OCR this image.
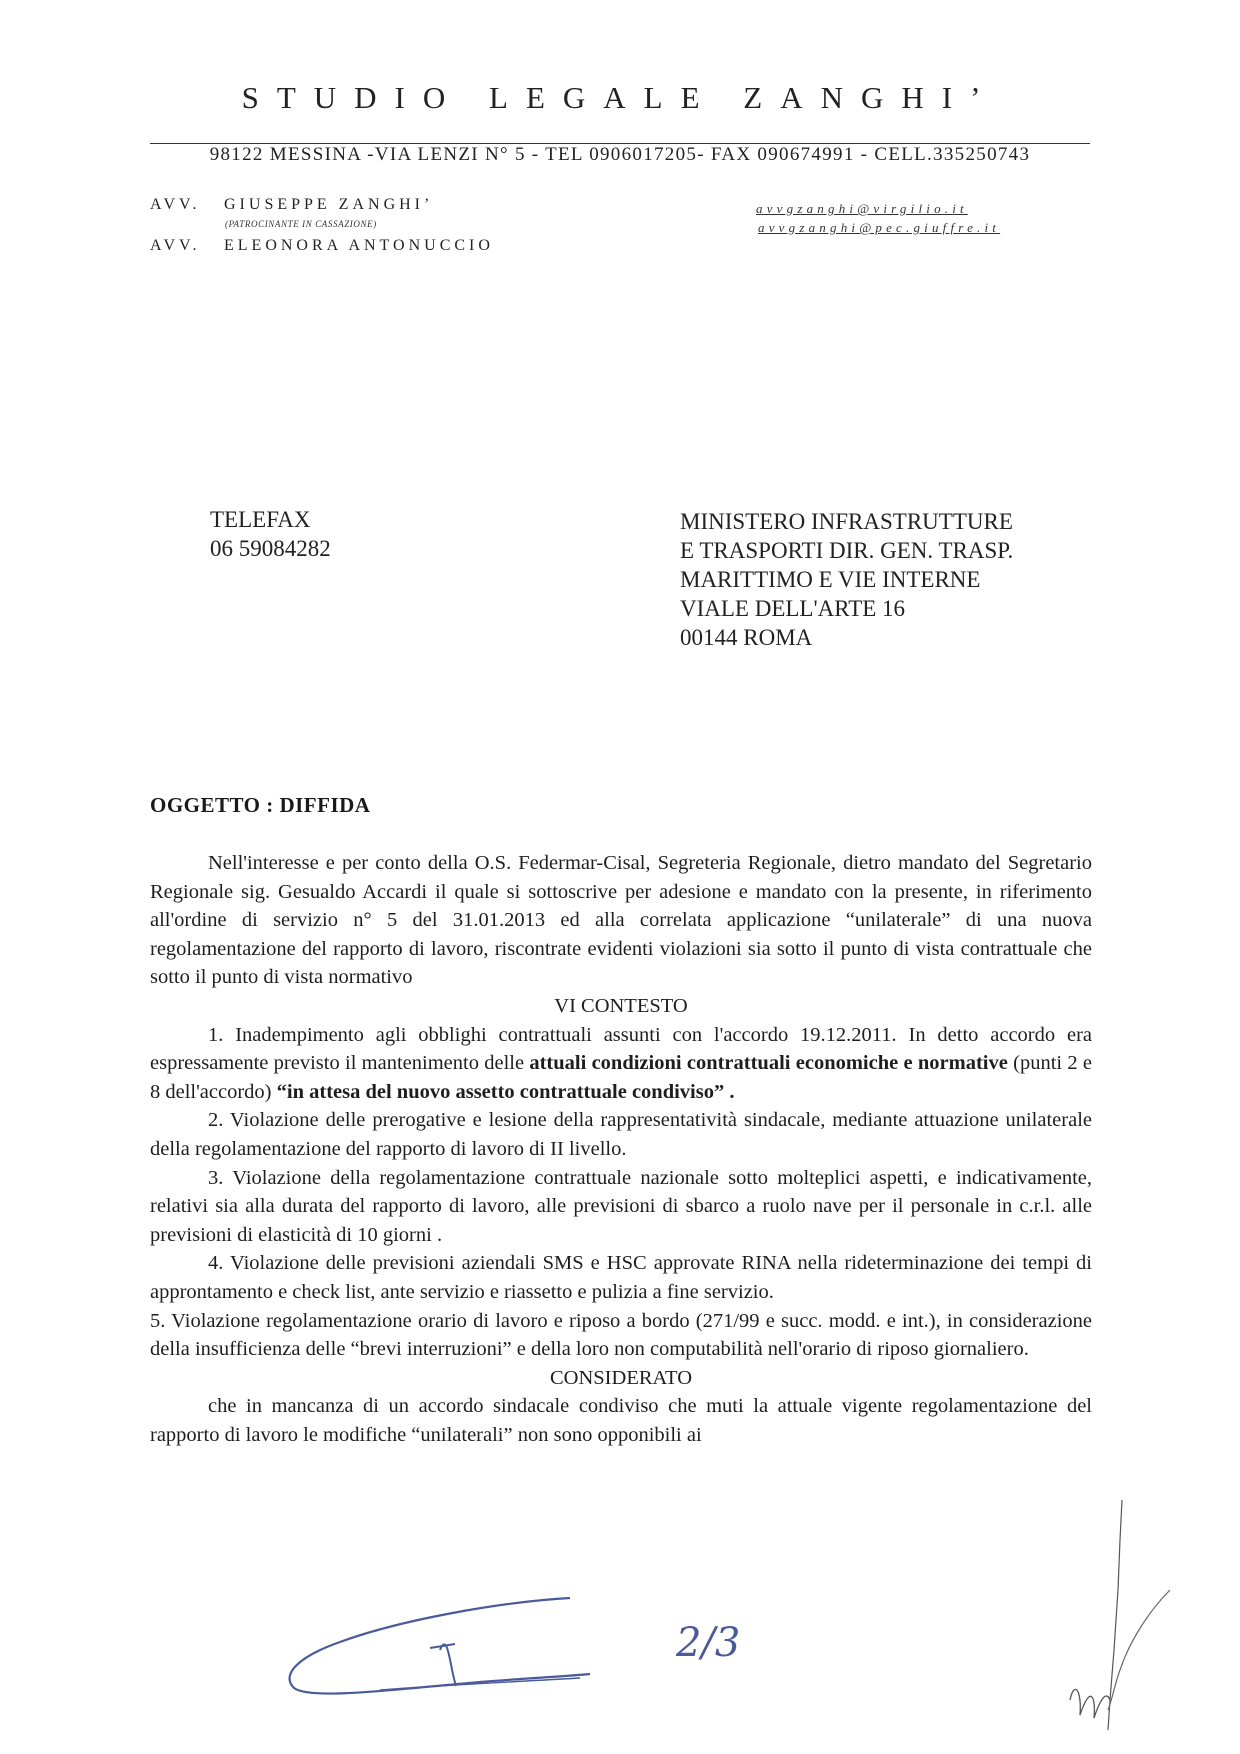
STUDIO LEGALE ZANGHI’
98122 MESSINA -VIA LENZI N° 5 - TEL 0906017205- FAX 090674991 - CELL.335250743
AVV. GIUSEPPE ZANGHI’
(PATROCINANTE IN CASSAZIONE)
AVV. ELEONORA ANTONUCCIO
avvgzanghi@virgilio.it
avvgzanghi@pec.giuffre.it
TELEFAX
06 59084282
MINISTERO INFRASTRUTTURE
E TRASPORTI DIR. GEN. TRASP.
MARITTIMO E VIE INTERNE
VIALE DELL'ARTE 16
00144 ROMA
OGGETTO : DIFFIDA

Nell'interesse e per conto della O.S. Federmar-Cisal, Segreteria Regionale, dietro mandato del Segretario Regionale sig. Gesualdo Accardi il quale si sottoscrive per adesione e mandato con la presente, in riferimento all'ordine di servizio n° 5 del 31.01.2013 ed alla correlata applicazione “unilaterale” di una nuova regolamentazione del rapporto di lavoro, riscontrate evidenti violazioni sia sotto il punto di vista contrattuale che sotto il punto di vista normativo

VI CONTESTO

1. Inadempimento agli obblighi contrattuali assunti con l'accordo 19.12.2011. In detto accordo era espressamente previsto il mantenimento delle attuali condizioni contrattuali economiche e normative (punti 2 e 8 dell'accordo) “in attesa del nuovo assetto contrattuale condiviso” .

2. Violazione delle prerogative e lesione della rappresentatività sindacale, mediante attuazione unilaterale della regolamentazione del rapporto di lavoro di II livello.

3. Violazione della regolamentazione contrattuale nazionale sotto molteplici aspetti, e indicativamente, relativi sia alla durata del rapporto di lavoro, alle previsioni di sbarco a ruolo nave per il personale in c.r.l. alle previsioni di elasticità di 10 giorni .

4. Violazione delle previsioni aziendali SMS e HSC approvate RINA nella rideterminazione dei tempi di approntamento e check list, ante servizio e riassetto e pulizia a fine servizio.

5. Violazione regolamentazione orario di lavoro e riposo a bordo (271/99 e succ. modd. e int.), in considerazione della insufficienza delle “brevi interruzioni” e della loro non computabilità nell'orario di riposo giornaliero.

CONSIDERATO

che in mancanza di un accordo sindacale condiviso che muti la attuale vigente regolamentazione del rapporto di lavoro le modifiche “unilaterali” non sono opponibili ai

2/3
